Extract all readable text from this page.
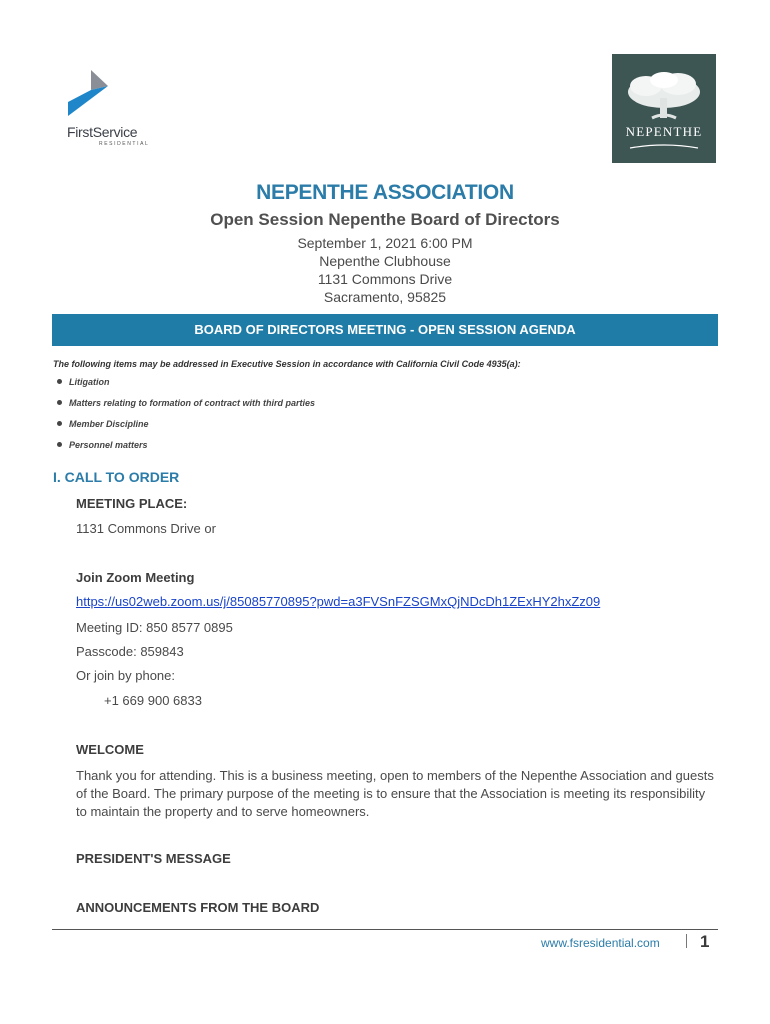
FirstService
RESIDENTIAL
NEPENTHE
NEPENTHE ASSOCIATION
Open Session Nepenthe Board of Directors
September 1, 2021 6:00 PM
Nepenthe Clubhouse
1131 Commons Drive
Sacramento, 95825
BOARD OF DIRECTORS MEETING - OPEN SESSION AGENDA
The following items may be addressed in Executive Session in accordance with California Civil Code 4935(a):
Litigation
Matters relating to formation of contract with third parties
Member Discipline
Personnel matters
I. CALL TO ORDER
MEETING PLACE:
1131 Commons Drive or
Join Zoom Meeting
https://us02web.zoom.us/j/85085770895?pwd=a3FVSnFZSGMxQjNDcDh1ZExHY2hxZz09
Meeting ID: 850 8577 0895
Passcode: 859843
Or join by phone:
+1 669 900 6833
WELCOME
Thank you for attending. This is a business meeting, open to members of the Nepenthe Association and guests of the Board. The primary purpose of the meeting is to ensure that the Association is meeting its responsibility to maintain the property and to serve homeowners.
PRESIDENT'S MESSAGE
ANNOUNCEMENTS FROM THE BOARD
www.fsresidential.com 1
